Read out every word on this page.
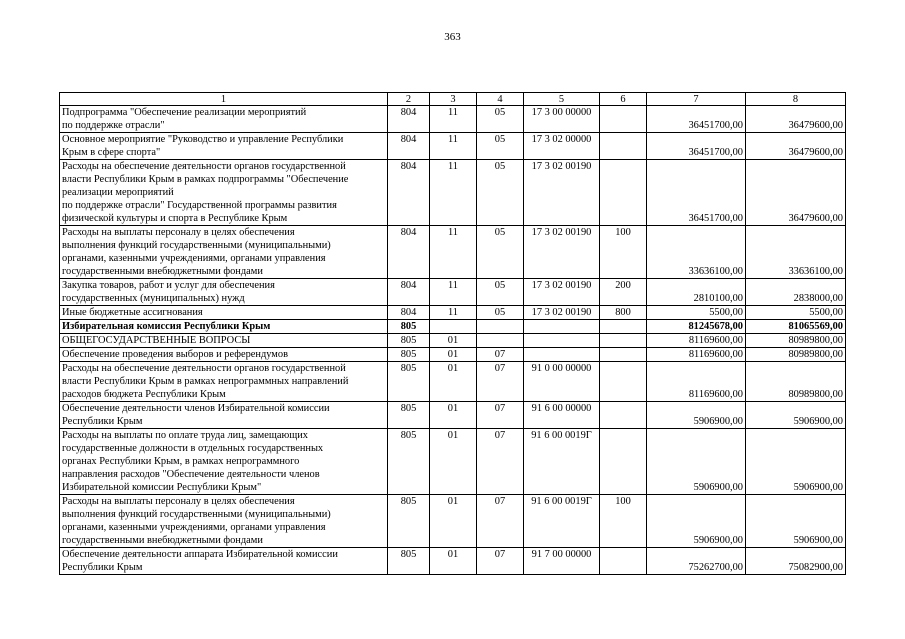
363
1	2	3	4	5	6	7	8
Подпрограмма "Обеспечение реализации мероприятий
по поддержке отрасли"	804	11	05	17 3 00 00000		36451700,00	36479600,00
Основное мероприятие "Руководство и управление Республики
Крым в сфере спорта"	804	11	05	17 3 02 00000		36451700,00	36479600,00
Расходы на обеспечение деятельности органов государственной
власти Республики Крым в рамках подпрограммы "Обеспечение
реализации мероприятий
по поддержке отрасли" Государственной программы развития
физической культуры и спорта в Республике Крым	804	11	05	17 3 02 00190		36451700,00	36479600,00
Расходы на выплаты персоналу в целях обеспечения
выполнения функций государственными (муниципальными)
органами, казенными учреждениями, органами управления
государственными внебюджетными фондами	804	11	05	17 3 02 00190	100	33636100,00	33636100,00
Закупка товаров, работ и услуг для обеспечения
государственных (муниципальных) нужд	804	11	05	17 3 02 00190	200	2810100,00	2838000,00
Иные бюджетные ассигнования	804	11	05	17 3 02 00190	800	5500,00	5500,00
Избирательная комиссия Республики Крым	805					81245678,00	81065569,00
ОБЩЕГОСУДАРСТВЕННЫЕ ВОПРОСЫ	805	01				81169600,00	80989800,00
Обеспечение проведения выборов и референдумов	805	01	07			81169600,00	80989800,00
Расходы на обеспечение деятельности органов государственной
власти Республики Крым в рамках непрограммных направлений
расходов бюджета Республики Крым	805	01	07	91 0 00 00000		81169600,00	80989800,00
Обеспечение деятельности членов Избирательной комиссии
Республики Крым	805	01	07	91 6 00 00000		5906900,00	5906900,00
Расходы на выплаты по оплате труда лиц, замещающих
государственные должности в отдельных государственных
органах Республики Крым, в рамках непрограммного
направления расходов "Обеспечение деятельности членов
Избирательной комиссии Республики Крым"	805	01	07	91 6 00 0019Г		5906900,00	5906900,00
Расходы на выплаты персоналу в целях обеспечения
выполнения функций государственными (муниципальными)
органами, казенными учреждениями, органами управления
государственными внебюджетными фондами	805	01	07	91 6 00 0019Г	100	5906900,00	5906900,00
Обеспечение деятельности аппарата Избирательной комиссии
Республики Крым	805	01	07	91 7 00 00000		75262700,00	75082900,00
